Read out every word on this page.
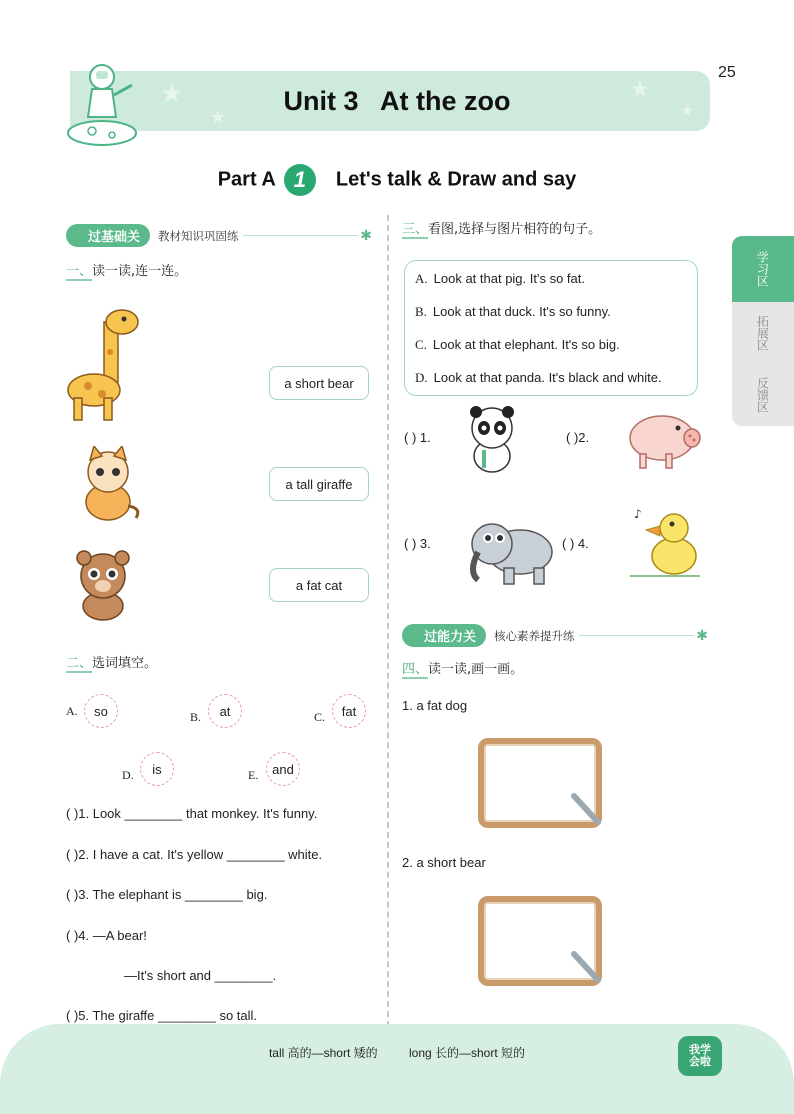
★
★
★
★
Unit 3   At the zoo
25
Part A 1 Let's talk & Draw and say
学习区
拓展区
反馈区
过基础关	教材知识巩固练	✱
一、读一读,连一连。
a short bear
a tall giraffe
a fat cat
二、选词填空。
A.	so	B.	at	C.	fat
D.	is	E.	and
( )1. Look ________ that monkey. It's funny.
( )2. I have a cat. It's yellow ________ white.
( )3. The elephant is ________ big.
( )4. —A bear!
—It's short and ________.
( )5. The giraffe ________ so tall.
三、看图,选择与图片相符的句子。
A. Look at that pig. It's so fat.
B. Look at that duck. It's so funny.
C. Look at that elephant. It's so big.
D. Look at that panda. It's black and white.
( ) 1.	( )2.
( ) 3.	( ) 4.
♪
过能力关	核心素养提升练	✱
四、读一读,画一画。
1. a fat dog
2. a short bear
tall 高的—short 矮的	long 长的—short 短的	我学
会啦
